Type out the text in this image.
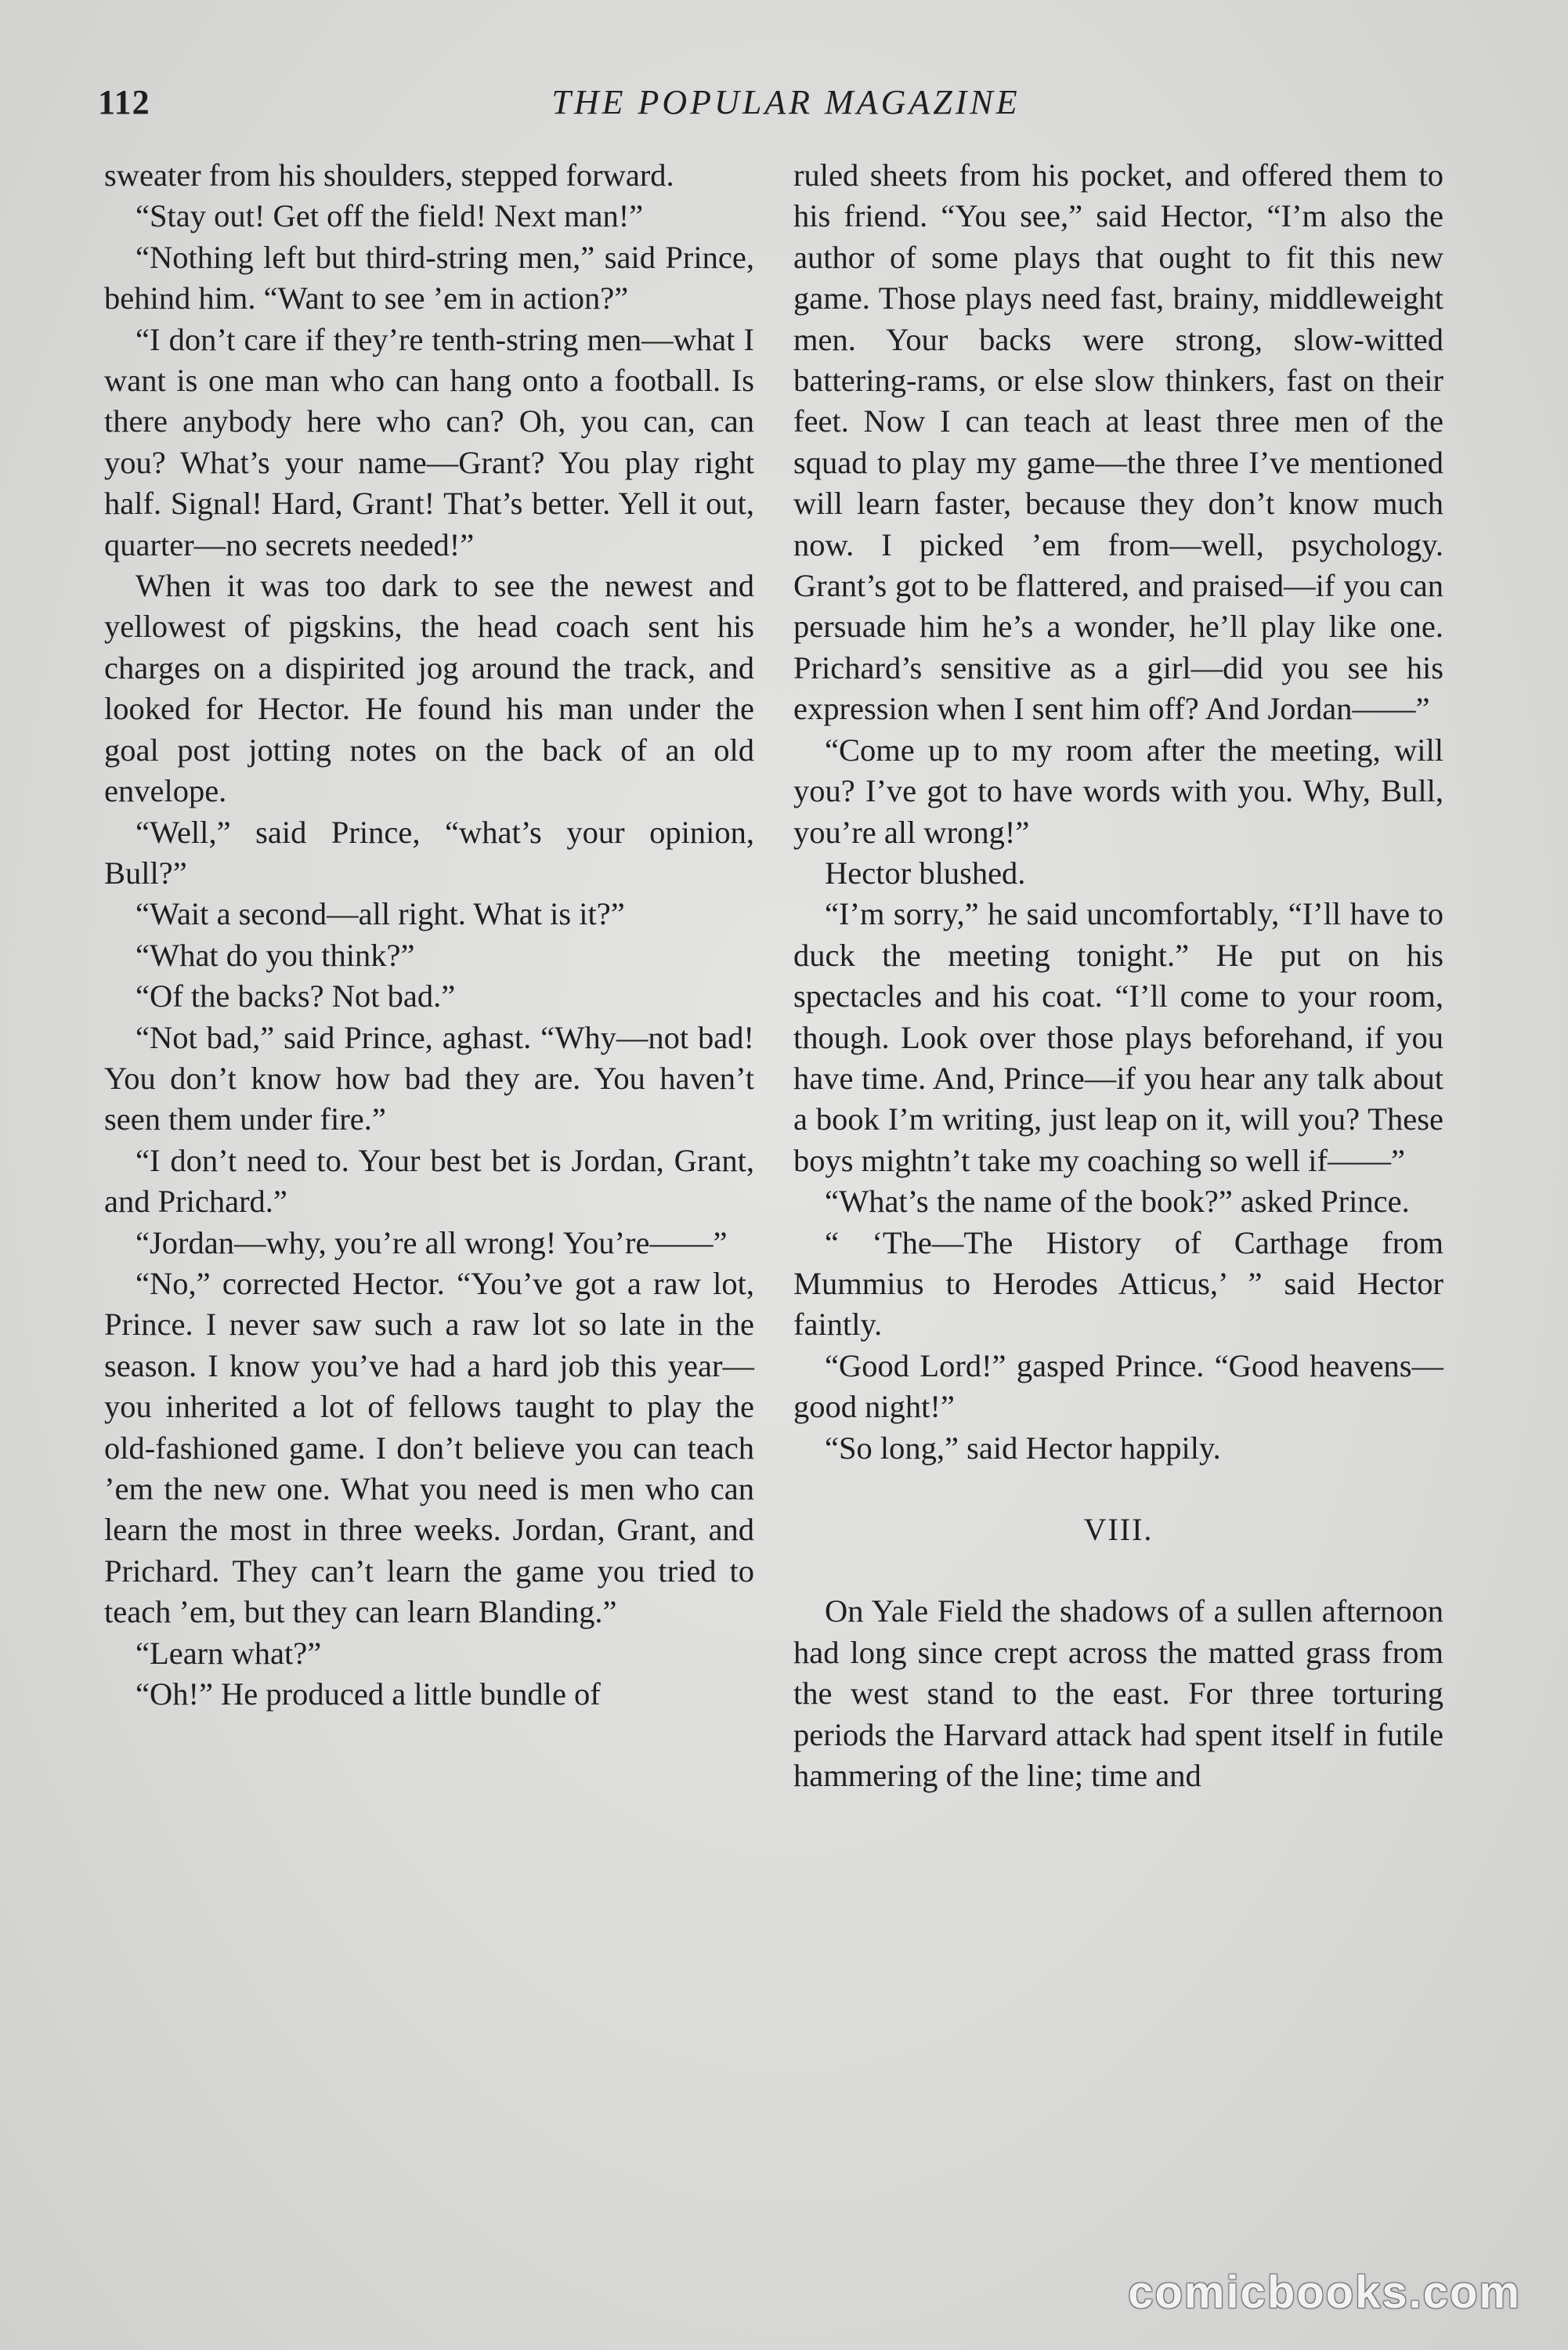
112	THE POPULAR MAGAZINE

sweater from his shoulders, stepped forward.

“Stay out! Get off the field! Next man!”

“Nothing left but third-string men,” said Prince, behind him. “Want to see ’em in action?”

“I don’t care if they’re tenth-string men—what I want is one man who can hang onto a football. Is there anybody here who can? Oh, you can, can you? What’s your name—Grant? You play right half. Signal! Hard, Grant! That’s better. Yell it out, quarter—no secrets needed!”

When it was too dark to see the newest and yellowest of pigskins, the head coach sent his charges on a dispirited jog around the track, and looked for Hector. He found his man under the goal post jotting notes on the back of an old envelope.

“Well,” said Prince, “what’s your opinion, Bull?”

“Wait a second—all right. What is it?”

“What do you think?”

“Of the backs? Not bad.”

“Not bad,” said Prince, aghast. “Why—not bad! You don’t know how bad they are. You haven’t seen them under fire.”

“I don’t need to. Your best bet is Jordan, Grant, and Prichard.”

“Jordan—why, you’re all wrong! You’re——”

“No,” corrected Hector. “You’ve got a raw lot, Prince. I never saw such a raw lot so late in the season. I know you’ve had a hard job this year—you inherited a lot of fellows taught to play the old-fashioned game. I don’t believe you can teach ’em the new one. What you need is men who can learn the most in three weeks. Jordan, Grant, and Prichard. They can’t learn the game you tried to teach ’em, but they can learn Blanding.”

“Learn what?”

“Oh!” He produced a little bundle of

ruled sheets from his pocket, and offered them to his friend. “You see,” said Hector, “I’m also the author of some plays that ought to fit this new game. Those plays need fast, brainy, middleweight men. Your backs were strong, slow-witted battering-rams, or else slow thinkers, fast on their feet. Now I can teach at least three men of the squad to play my game—the three I’ve mentioned will learn faster, because they don’t know much now. I picked ’em from—well, psychology. Grant’s got to be flattered, and praised—if you can persuade him he’s a wonder, he’ll play like one. Prichard’s sensitive as a girl—did you see his expression when I sent him off? And Jordan——”

“Come up to my room after the meeting, will you? I’ve got to have words with you. Why, Bull, you’re all wrong!”

Hector blushed.

“I’m sorry,” he said uncomfortably, “I’ll have to duck the meeting tonight.” He put on his spectacles and his coat. “I’ll come to your room, though. Look over those plays beforehand, if you have time. And, Prince—if you hear any talk about a book I’m writing, just leap on it, will you? These boys mightn’t take my coaching so well if——”

“What’s the name of the book?” asked Prince.

“ ‘The—The History of Carthage from Mummius to Herodes Atticus,’ ” said Hector faintly.

“Good Lord!” gasped Prince. “Good heavens—good night!”

“So long,” said Hector happily.

VIII.

On Yale Field the shadows of a sullen afternoon had long since crept across the matted grass from the west stand to the east. For three torturing periods the Harvard attack had spent itself in futile hammering of the line; time and

comicbooks.com
